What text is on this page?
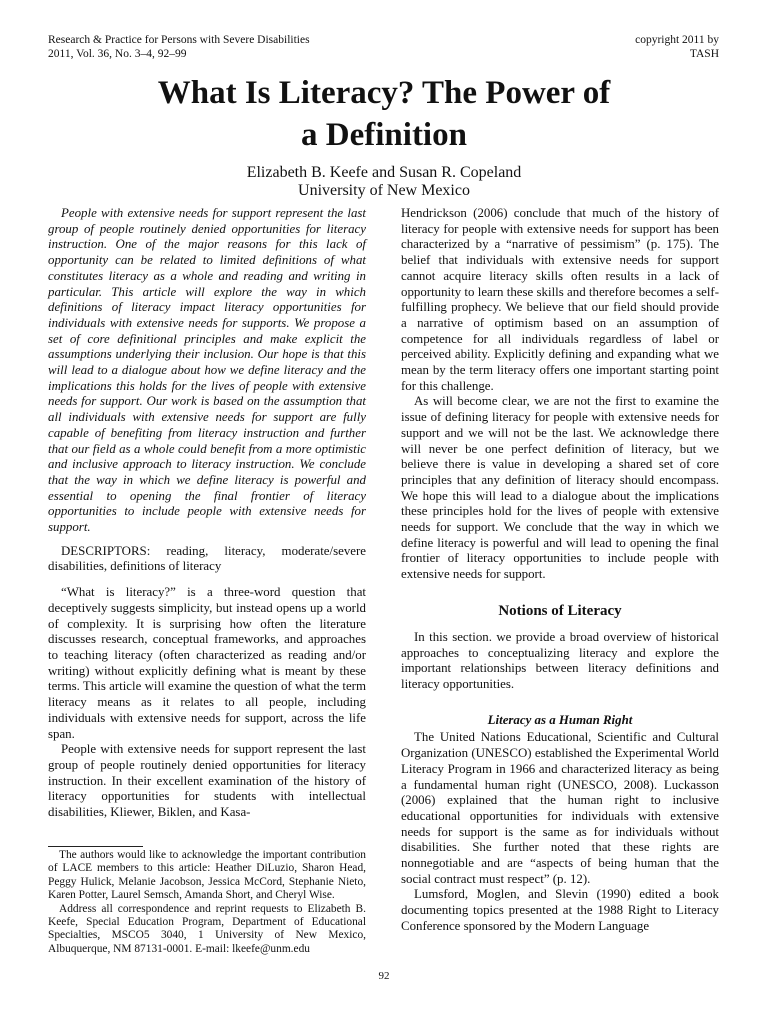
Research & Practice for Persons with Severe Disabilities
2011, Vol. 36, No. 3–4, 92–99
copyright 2011 by
TASH
What Is Literacy? The Power of
a Definition
Elizabeth B. Keefe and Susan R. Copeland
University of New Mexico

People with extensive needs for support represent the last group of people routinely denied opportunities for literacy instruction. One of the major reasons for this lack of opportunity can be related to limited definitions of what constitutes literacy as a whole and reading and writing in particular. This article will explore the way in which definitions of literacy impact literacy opportunities for individuals with extensive needs for supports. We propose a set of core definitional principles and make explicit the assumptions underlying their inclusion. Our hope is that this will lead to a dialogue about how we define literacy and the implications this holds for the lives of people with extensive needs for support. Our work is based on the assumption that all individuals with extensive needs for support are fully capable of benefiting from literacy instruction and further that our field as a whole could benefit from a more optimistic and inclusive approach to literacy instruction. We conclude that the way in which we define literacy is powerful and essential to opening the final frontier of literacy opportunities to include people with extensive needs for support.

DESCRIPTORS: reading, literacy, moderate/severe disabilities, definitions of literacy

“What is literacy?” is a three-word question that deceptively suggests simplicity, but instead opens up a world of complexity. It is surprising how often the literature discusses research, conceptual frameworks, and approaches to teaching literacy (often characterized as reading and/or writing) without explicitly defining what is meant by these terms. This article will examine the question of what the term literacy means as it relates to all people, including individuals with extensive needs for support, across the life span.

People with extensive needs for support represent the last group of people routinely denied opportunities for literacy instruction. In their excellent examination of the history of literacy opportunities for students with intellectual disabilities, Kliewer, Biklen, and Kasa-

The authors would like to acknowledge the important contribution of LACE members to this article: Heather DiLuzio, Sharon Head, Peggy Hulick, Melanie Jacobson, Jessica McCord, Stephanie Nieto, Karen Potter, Laurel Semsch, Amanda Short, and Cheryl Wise.

Address all correspondence and reprint requests to Elizabeth B. Keefe, Special Education Program, Department of Educational Specialties, MSCO5 3040, 1 University of New Mexico, Albuquerque, NM 87131-0001. E-mail: lkeefe@unm.edu

Hendrickson (2006) conclude that much of the history of literacy for people with extensive needs for support has been characterized by a “narrative of pessimism” (p. 175). The belief that individuals with extensive needs for support cannot acquire literacy skills often results in a lack of opportunity to learn these skills and therefore becomes a self-fulfilling prophecy. We believe that our field should provide a narrative of optimism based on an assumption of competence for all individuals regardless of label or perceived ability. Explicitly defining and expanding what we mean by the term literacy offers one important starting point for this challenge.

As will become clear, we are not the first to examine the issue of defining literacy for people with extensive needs for support and we will not be the last. We acknowledge there will never be one perfect definition of literacy, but we believe there is value in developing a shared set of core principles that any definition of literacy should encompass. We hope this will lead to a dialogue about the implications these principles hold for the lives of people with extensive needs for support. We conclude that the way in which we define literacy is powerful and will lead to opening the final frontier of literacy opportunities to include people with extensive needs for support.

Notions of Literacy

In this section. we provide a broad overview of historical approaches to conceptualizing literacy and explore the important relationships between literacy definitions and literacy opportunities.

Literacy as a Human Right

The United Nations Educational, Scientific and Cultural Organization (UNESCO) established the Experimental World Literacy Program in 1966 and characterized literacy as being a fundamental human right (UNESCO, 2008). Luckasson (2006) explained that the human right to inclusive educational opportunities for individuals with extensive needs for support is the same as for individuals without disabilities. She further noted that these rights are nonnegotiable and are “aspects of being human that the social contract must respect” (p. 12).

Lumsford, Moglen, and Slevin (1990) edited a book documenting topics presented at the 1988 Right to Literacy Conference sponsored by the Modern Language

92
